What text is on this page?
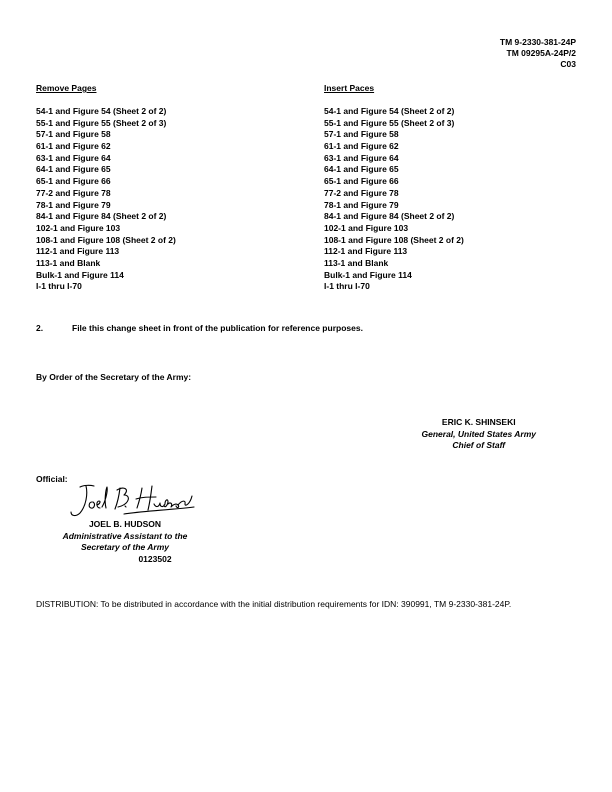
TM 9-2330-381-24P
TM 09295A-24P/2
C03
Remove Pages
54-1 and Figure 54 (Sheet 2 of 2)
55-1 and Figure 55 (Sheet 2 of 3)
57-1 and Figure 58
61-1 and Figure 62
63-1 and Figure 64
64-1 and Figure 65
65-1 and Figure 66
77-2 and Figure 78
78-1 and Figure 79
84-1 and Figure 84 (Sheet 2 of 2)
102-1 and Figure 103
108-1 and Figure 108 (Sheet 2 of 2)
112-1 and Figure 113
113-1 and Blank
Bulk-1 and Figure 114
I-1 thru I-70
Insert Paces
54-1 and Figure 54 (Sheet 2 of 2)
55-1 and Figure 55 (Sheet 2 of 3)
57-1 and Figure 58
61-1 and Figure 62
63-1 and Figure 64
64-1 and Figure 65
65-1 and Figure 66
77-2 and Figure 78
78-1 and Figure 79
84-1 and Figure 84 (Sheet 2 of 2)
102-1 and Figure 103
108-1 and Figure 108 (Sheet 2 of 2)
112-1 and Figure 113
113-1 and Blank
Bulk-1 and Figure 114
I-1 thru I-70
2.	File this change sheet in front of the publication for reference purposes.
By Order of the Secretary of the Army:
ERIC K. SHINSEKI
General, United States Army
Chief of Staff
Official:
JOEL B. HUDSON
Administrative Assistant to the
Secretary of the Army
0123502
DISTRIBUTION: To be distributed in accordance with the initial distribution requirements for IDN: 390991, TM 9-2330-381-24P.
